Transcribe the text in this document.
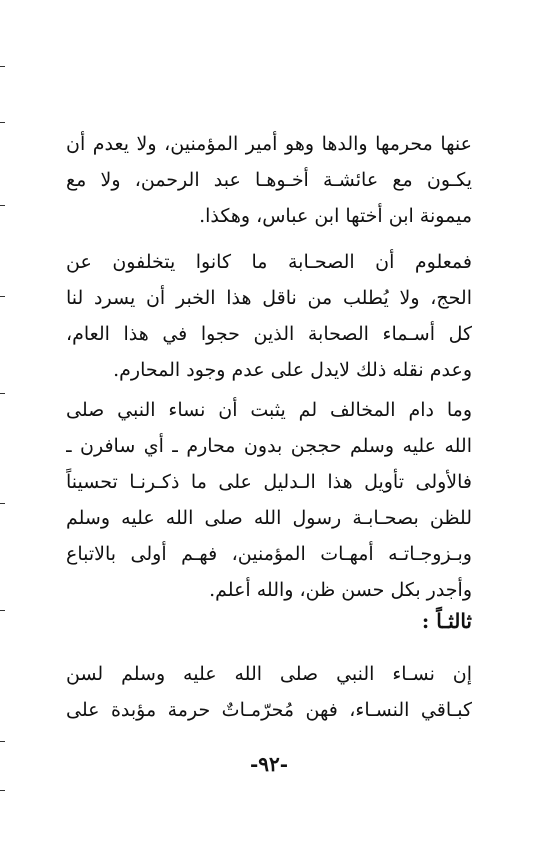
عنها محرمها والدها وهو أمير المؤمنين، ولا يعدم أن
يكـون مع عائشـة أخـوهـا عبد الرحمن، ولا مع
ميمونة ابن أختها ابن عباس، وهكذا.
فمعلوم أن الصحـابة ما كانوا يتخلفون عن
الحج، ولا يُطلب من ناقل هذا الخبر أن يسرد لنا
كل أسـماء الصحابة الذين حجوا في هذا العام،
وعدم نقله ذلك لايدل على عدم وجود المحارم.
وما دام المخالف لم يثبت أن نساء النبي صلى
الله عليه وسلم حججن بدون محارم ـ أي سافرن ـ
فالأولى تأويل هذا الـدليل على ما ذكـرنـا تحسيناً
للظن بصحـابـة رسول الله صلى الله عليه وسلم
وبـزوجـاتـه أمهـات المؤمنين، فهـم أولى بالاتباع
وأجدر بكل حسن ظن، والله أعلم.
ثالثـاً :
إن نسـاء النبي صلى الله عليه وسلم لسن
كبـاقي النسـاء، فهن مُحرّمـاتٌ حرمة مؤبدة على
-٩٢-
